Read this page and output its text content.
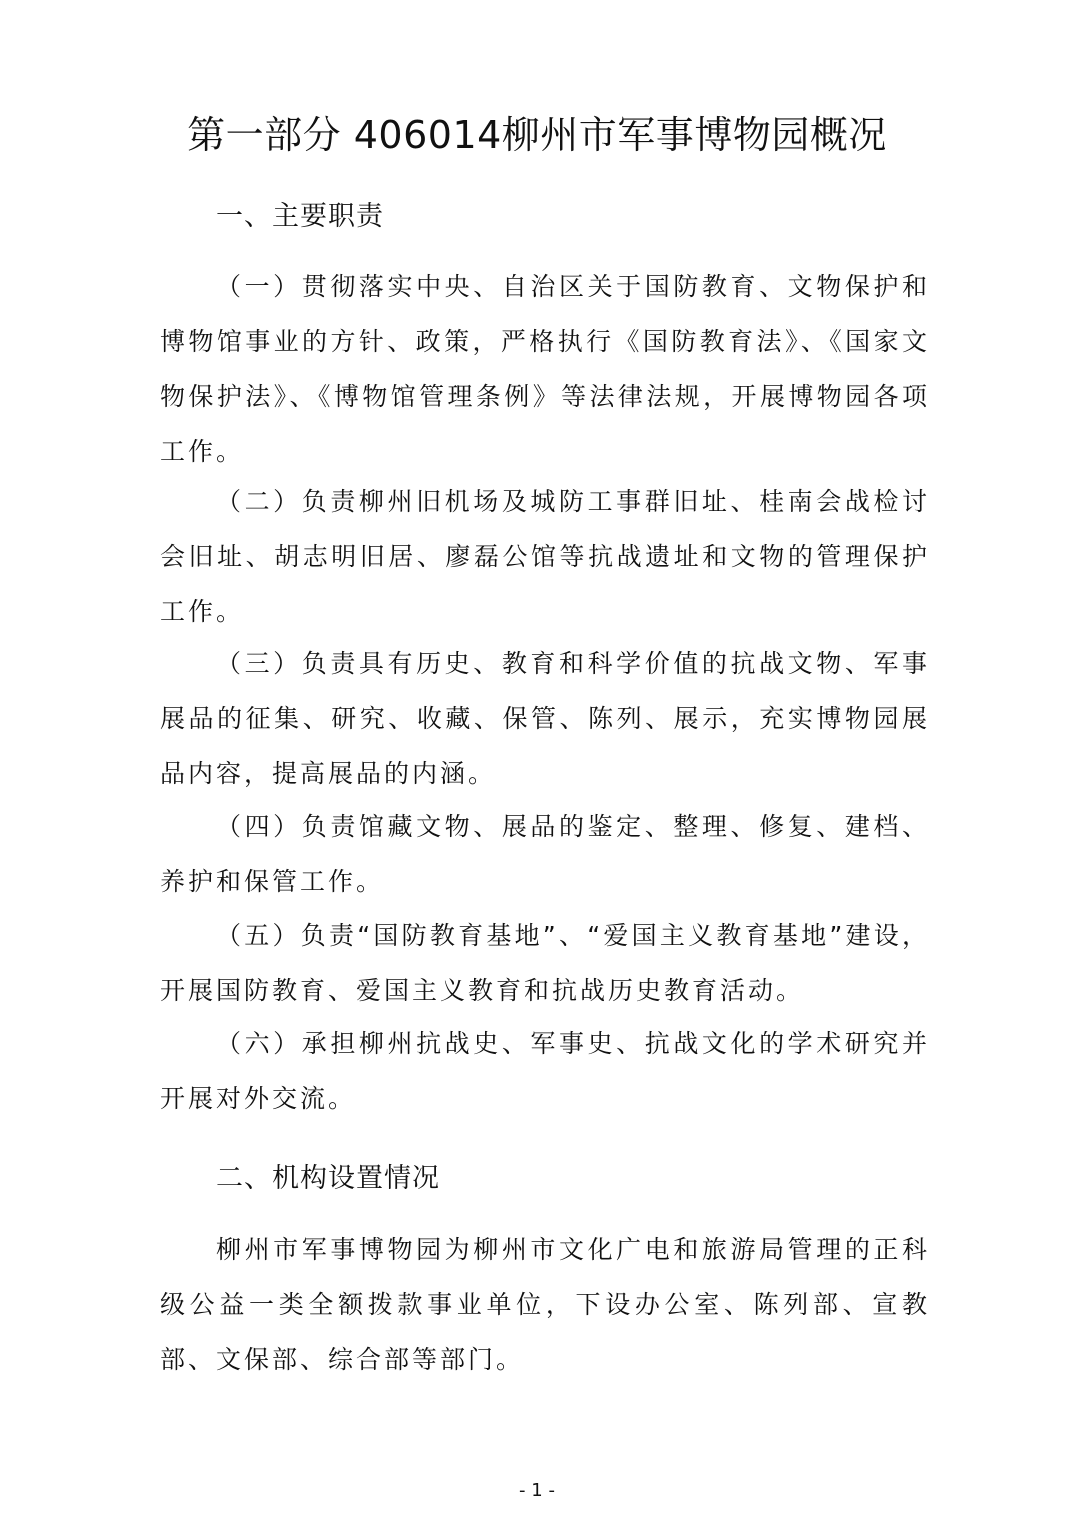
第一部分 406014柳州市军事博物园概况
一、主要职责

（一）贯彻落实中央、自治区关于国防教育、文物保护和博物馆事业的方针、政策，严格执行《国防教育法》、《国家文物保护法》、《博物馆管理条例》等法律法规，开展博物园各项工作。

（二）负责柳州旧机场及城防工事群旧址、桂南会战检讨会旧址、胡志明旧居、廖磊公馆等抗战遗址和文物的管理保护工作。

（三）负责具有历史、教育和科学价值的抗战文物、军事展品的征集、研究、收藏、保管、陈列、展示，充实博物园展品内容，提高展品的内涵。

（四）负责馆藏文物、展品的鉴定、整理、修复、建档、养护和保管工作。

（五）负责“国防教育基地”、“爱国主义教育基地”建设，开展国防教育、爱国主义教育和抗战历史教育活动。

（六）承担柳州抗战史、军事史、抗战文化的学术研究并开展对外交流。

二、机构设置情况

柳州市军事博物园为柳州市文化广电和旅游局管理的正科级公益一类全额拨款事业单位，下设办公室、陈列部、宣教部、文保部、综合部等部门。

- 1 -
